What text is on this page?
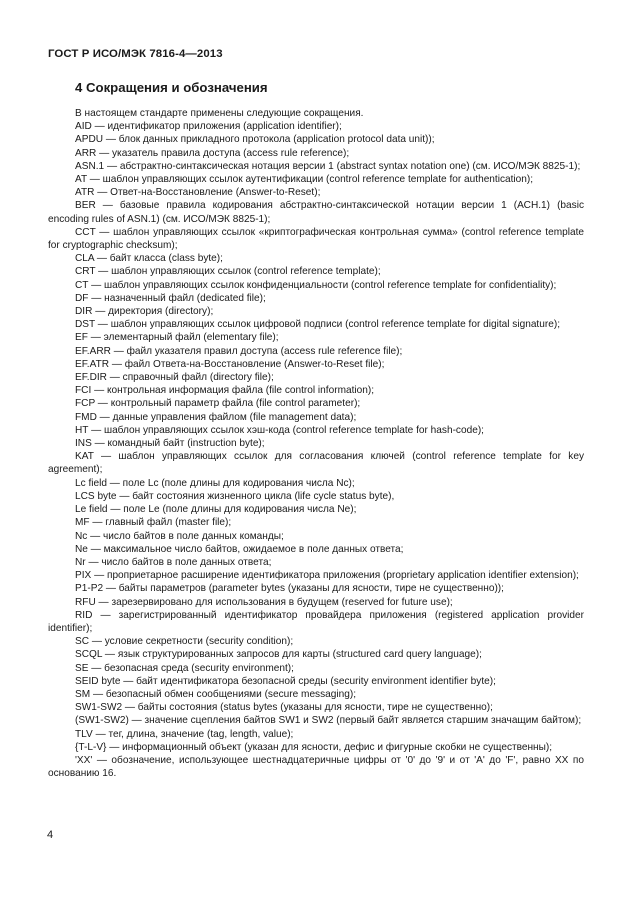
ГОСТ Р ИСО/МЭК 7816-4—2013
4 Сокращения и обозначения

В настоящем стандарте применены следующие сокращения.

AID — идентификатор приложения (application identifier);

APDU — блок данных прикладного протокола (application protocol data unit));

ARR — указатель правила доступа (access rule reference);

ASN.1 — абстрактно-синтаксическая нотация версии 1 (abstract syntax notation one) (см. ИСО/МЭК 8825-1);

AT — шаблон управляющих ссылок аутентификации (control reference template for authentication);

ATR — Ответ-на-Восстановление (Answer-to-Reset);

BER — базовые правила кодирования абстрактно-синтаксической нотации версии 1 (АСН.1) (basic encoding rules of ASN.1) (см. ИСО/МЭК 8825-1);

CCT — шаблон управляющих ссылок «криптографическая контрольная сумма» (control reference template for cryptographic checksum);

CLA — байт класса (class byte);

CRT — шаблон управляющих ссылок (control reference template);

CT — шаблон управляющих ссылок конфиденциальности (control reference template for confidentiality);

DF — назначенный файл (dedicated file);

DIR — директория (directory);

DST — шаблон управляющих ссылок цифровой подписи (control reference template for digital signature);

EF — элементарный файл (elementary file);

EF.ARR — файл указателя правил доступа (access rule reference file);

EF.ATR — файл Ответа-на-Восстановление (Answer-to-Reset file);

EF.DIR — справочный файл (directory file);

FCI — контрольная информация файла (file control information);

FCP — контрольный параметр файла (file control parameter);

FMD — данные управления файлом (file management data);

HT — шаблон управляющих ссылок хэш-кода (control reference template for hash-code);

INS — командный байт (instruction byte);

KAT — шаблон управляющих ссылок для согласования ключей (control reference template for key agreement);

Lc field — поле Lc (поле длины для кодирования числа Nc);

LCS byte — байт состояния жизненного цикла (life cycle status byte),

Le field — поле Le (поле длины для кодирования числа Ne);

MF — главный файл (master file);

Nc — число байтов в поле данных команды;

Ne — максимальное число байтов, ожидаемое в поле данных ответа;

Nr — число байтов в поле данных ответа;

PIX — проприетарное расширение идентификатора приложения (proprietary application identifier extension);

P1-P2 — байты параметров (parameter bytes (указаны для ясности, тире не существенно));

RFU — зарезервировано для использования в будущем (reserved for future use);

RID — зарегистрированный идентификатор провайдера приложения (registered application provider identifier);

SC — условие секретности (security condition);

SCQL — язык структурированных запросов для карты (structured card query language);

SE — безопасная среда (security environment);

SEID byte — байт идентификатора безопасной среды (security environment identifier byte);

SM — безопасный обмен сообщениями (secure messaging);

SW1-SW2 — байты состояния (status bytes (указаны для ясности, тире не существенно);

(SW1-SW2) — значение сцепления байтов SW1 и SW2 (первый байт является старшим значащим байтом);

TLV — тег, длина, значение (tag, length, value);

{T-L-V} — информационный объект (указан для ясности, дефис и фигурные скобки не существенны);

'XX' — обозначение, использующее шестнадцатеричные цифры от '0' до '9' и от 'A' до 'F', равно XX по основанию 16.

4
